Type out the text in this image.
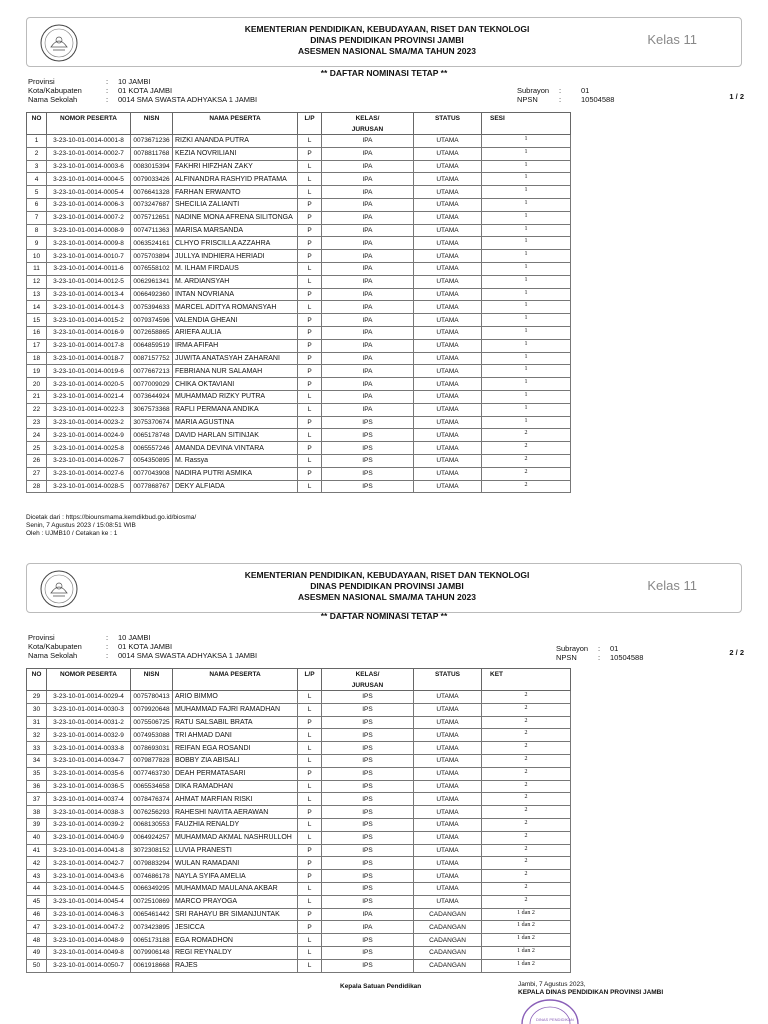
KEMENTERIAN PENDIDIKAN, KEBUDAYAAN, RISET DAN TEKNOLOGI
DINAS PENDIDIKAN PROVINSI JAMBI
ASESMEN NASIONAL SMA/MA TAHUN 2023
Kelas 11
** DAFTAR NOMINASI TETAP **
Provinsi	: 10 JAMBI
Kota/Kabupaten	: 01 KOTA JAMBI
Nama Sekolah	: 0014 SMA SWASTA ADHYAKSA 1 JAMBI
Subrayon :	01
NPSN	:	10504588	1 / 2
NO	NOMOR PESERTA	NISN	NAMA PESERTA	L/P	KELAS/
JURUSAN	STATUS	SESI
1	3-23-10-01-0014-0001-8	0073671236	RIZKI ANANDA PUTRA	L	IPA	UTAMA	1
2	3-23-10-01-0014-0002-7	0078811768	KEZIA NOVRILIANI	P	IPA	UTAMA	1
3	3-23-10-01-0014-0003-6	0083015394	FAKHRI HIFZHAN ZAKY	L	IPA	UTAMA	1
4	3-23-10-01-0014-0004-5	0079033426	ALFINANDRA RASHYID PRATAMA	L	IPA	UTAMA	1
5	3-23-10-01-0014-0005-4	0076641328	FARHAN ERWANTO	L	IPA	UTAMA	1
6	3-23-10-01-0014-0006-3	0073247687	SHECILIA ZALIANTI	P	IPA	UTAMA	1
7	3-23-10-01-0014-0007-2	0075712651	NADINE MONA AFRENA SILITONGA	P	IPA	UTAMA	1
8	3-23-10-01-0014-0008-9	0074711363	MARISA MARSANDA	P	IPA	UTAMA	1
9	3-23-10-01-0014-0009-8	0063524161	CLHYO FRISCILLA AZZAHRA	P	IPA	UTAMA	1
10	3-23-10-01-0014-0010-7	0075703894	JULLYA INDHIERA HERIADI	P	IPA	UTAMA	1
11	3-23-10-01-0014-0011-6	0076558102	M. ILHAM FIRDAUS	L	IPA	UTAMA	1
12	3-23-10-01-0014-0012-5	0062961341	M. ARDIANSYAH	L	IPA	UTAMA	1
13	3-23-10-01-0014-0013-4	0066492360	INTAN NOVRIANA	P	IPA	UTAMA	1
14	3-23-10-01-0014-0014-3	0075394633	MARCEL ADITYA ROMANSYAH	L	IPA	UTAMA	1
15	3-23-10-01-0014-0015-2	0079374596	VALENDIA GHEANI	P	IPA	UTAMA	1
16	3-23-10-01-0014-0016-9	0072658865	ARIEFA AULIA	P	IPA	UTAMA	1
17	3-23-10-01-0014-0017-8	0064859519	IRMA AFIFAH	P	IPA	UTAMA	1
18	3-23-10-01-0014-0018-7	0087157752	JUWITA ANATASYAH ZAHARANI	P	IPA	UTAMA	1
19	3-23-10-01-0014-0019-6	0077667213	FEBRIANA NUR SALAMAH	P	IPA	UTAMA	1
20	3-23-10-01-0014-0020-5	0077009029	CHIKA OKTAVIANI	P	IPA	UTAMA	1
21	3-23-10-01-0014-0021-4	0073644924	MUHAMMAD RIZKY PUTRA	L	IPA	UTAMA	1
22	3-23-10-01-0014-0022-3	3067573368	RAFLI PERMANA ANDIKA	L	IPA	UTAMA	1
23	3-23-10-01-0014-0023-2	3075370674	MARIA AGUSTINA	P	IPS	UTAMA	1
24	3-23-10-01-0014-0024-9	0065178748	DAVID HARLAN SITINJAK	L	IPS	UTAMA	2
25	3-23-10-01-0014-0025-8	0065557246	AMANDA DEVINA VINTARA	P	IPS	UTAMA	2
26	3-23-10-01-0014-0026-7	0054350895	M. Rassya	L	IPS	UTAMA	2
27	3-23-10-01-0014-0027-6	0077043908	NADIRA PUTRI ASMIKA	P	IPS	UTAMA	2
28	3-23-10-01-0014-0028-5	0077868767	DEKY ALFIADA	L	IPS	UTAMA	2
Dicetak dari : https://biounsmama.kemdikbud.go.id/biosma/
Senin, 7 Agustus 2023 / 15:08:51 WIB
Oleh : UJMB10 / Cetakan ke : 1
KEMENTERIAN PENDIDIKAN, KEBUDAYAAN, RISET DAN TEKNOLOGI
DINAS PENDIDIKAN PROVINSI JAMBI
ASESMEN NASIONAL SMA/MA TAHUN 2023
Kelas 11
** DAFTAR NOMINASI TETAP **
Provinsi	: 10 JAMBI
Kota/Kabupaten	: 01 KOTA JAMBI
Nama Sekolah	: 0014 SMA SWASTA ADHYAKSA 1 JAMBI
Subrayon : 01
NPSN	: 10504588
2 / 2
NO	NOMOR PESERTA	NISN	NAMA PESERTA	L/P	KELAS/
JURUSAN	STATUS	KET
29	3-23-10-01-0014-0029-4	0075780413	ARIO BIMMO	L	IPS	UTAMA	2
30	3-23-10-01-0014-0030-3	0079920648	MUHAMMAD FAJRI RAMADHAN	L	IPS	UTAMA	2
31	3-23-10-01-0014-0031-2	0075506725	RATU SALSABIL BRATA	P	IPS	UTAMA	2
32	3-23-10-01-0014-0032-9	0074953088	TRI AHMAD DANI	L	IPS	UTAMA	2
33	3-23-10-01-0014-0033-8	0078693031	REIFAN EGA ROSANDI	L	IPS	UTAMA	2
34	3-23-10-01-0014-0034-7	0079877828	BOBBY ZIA ABISALI	L	IPS	UTAMA	2
35	3-23-10-01-0014-0035-6	0077463730	DEAH PERMATASARI	P	IPS	UTAMA	2
36	3-23-10-01-0014-0036-5	0065534658	DIKA RAMADHAN	L	IPS	UTAMA	2
37	3-23-10-01-0014-0037-4	0078476374	AHMAT MARFIAN RISKI	L	IPS	UTAMA	2
38	3-23-10-01-0014-0038-3	0076256293	RAHESHI NAVITA AERAWAN	P	IPS	UTAMA	2
39	3-23-10-01-0014-0039-2	0068130553	FAUZHIA RENALDY	L	IPS	UTAMA	2
40	3-23-10-01-0014-0040-9	0064924257	MUHAMMAD AKMAL NASHRULLOH	L	IPS	UTAMA	2
41	3-23-10-01-0014-0041-8	3072308152	LUVIA PRANESTI	P	IPS	UTAMA	2
42	3-23-10-01-0014-0042-7	0079883294	WULAN RAMADANI	P	IPS	UTAMA	2
43	3-23-10-01-0014-0043-6	0074686178	NAYLA SYIFA AMELIA	P	IPS	UTAMA	2
44	3-23-10-01-0014-0044-5	0066349295	MUHAMMAD MAULANA AKBAR	L	IPS	UTAMA	2
45	3-23-10-01-0014-0045-4	0072510869	MARCO PRAYOGA	L	IPS	UTAMA	2
46	3-23-10-01-0014-0046-3	0065461442	SRI RAHAYU BR SIMANJUNTAK	P	IPA	CADANGAN	1 dan 2
47	3-23-10-01-0014-0047-2	0073423895	JESICCA	P	IPA	CADANGAN	1 dan 2
48	3-23-10-01-0014-0048-9	0065173188	EGA ROMADHON	L	IPS	CADANGAN	1 dan 2
49	3-23-10-01-0014-0049-8	0079906148	REGI REYNALDY	L	IPS	CADANGAN	1 dan 2
50	3-23-10-01-0014-0050-7	0061918668	RAJES	L	IPS	CADANGAN	1 dan 2
Kepala Satuan Pendidikan	Jambi, 7 Agustus 2023,
KEPALA DINAS PENDIDIKAN PROVINSI JAMBI
DINAS PENDIDIKAN
